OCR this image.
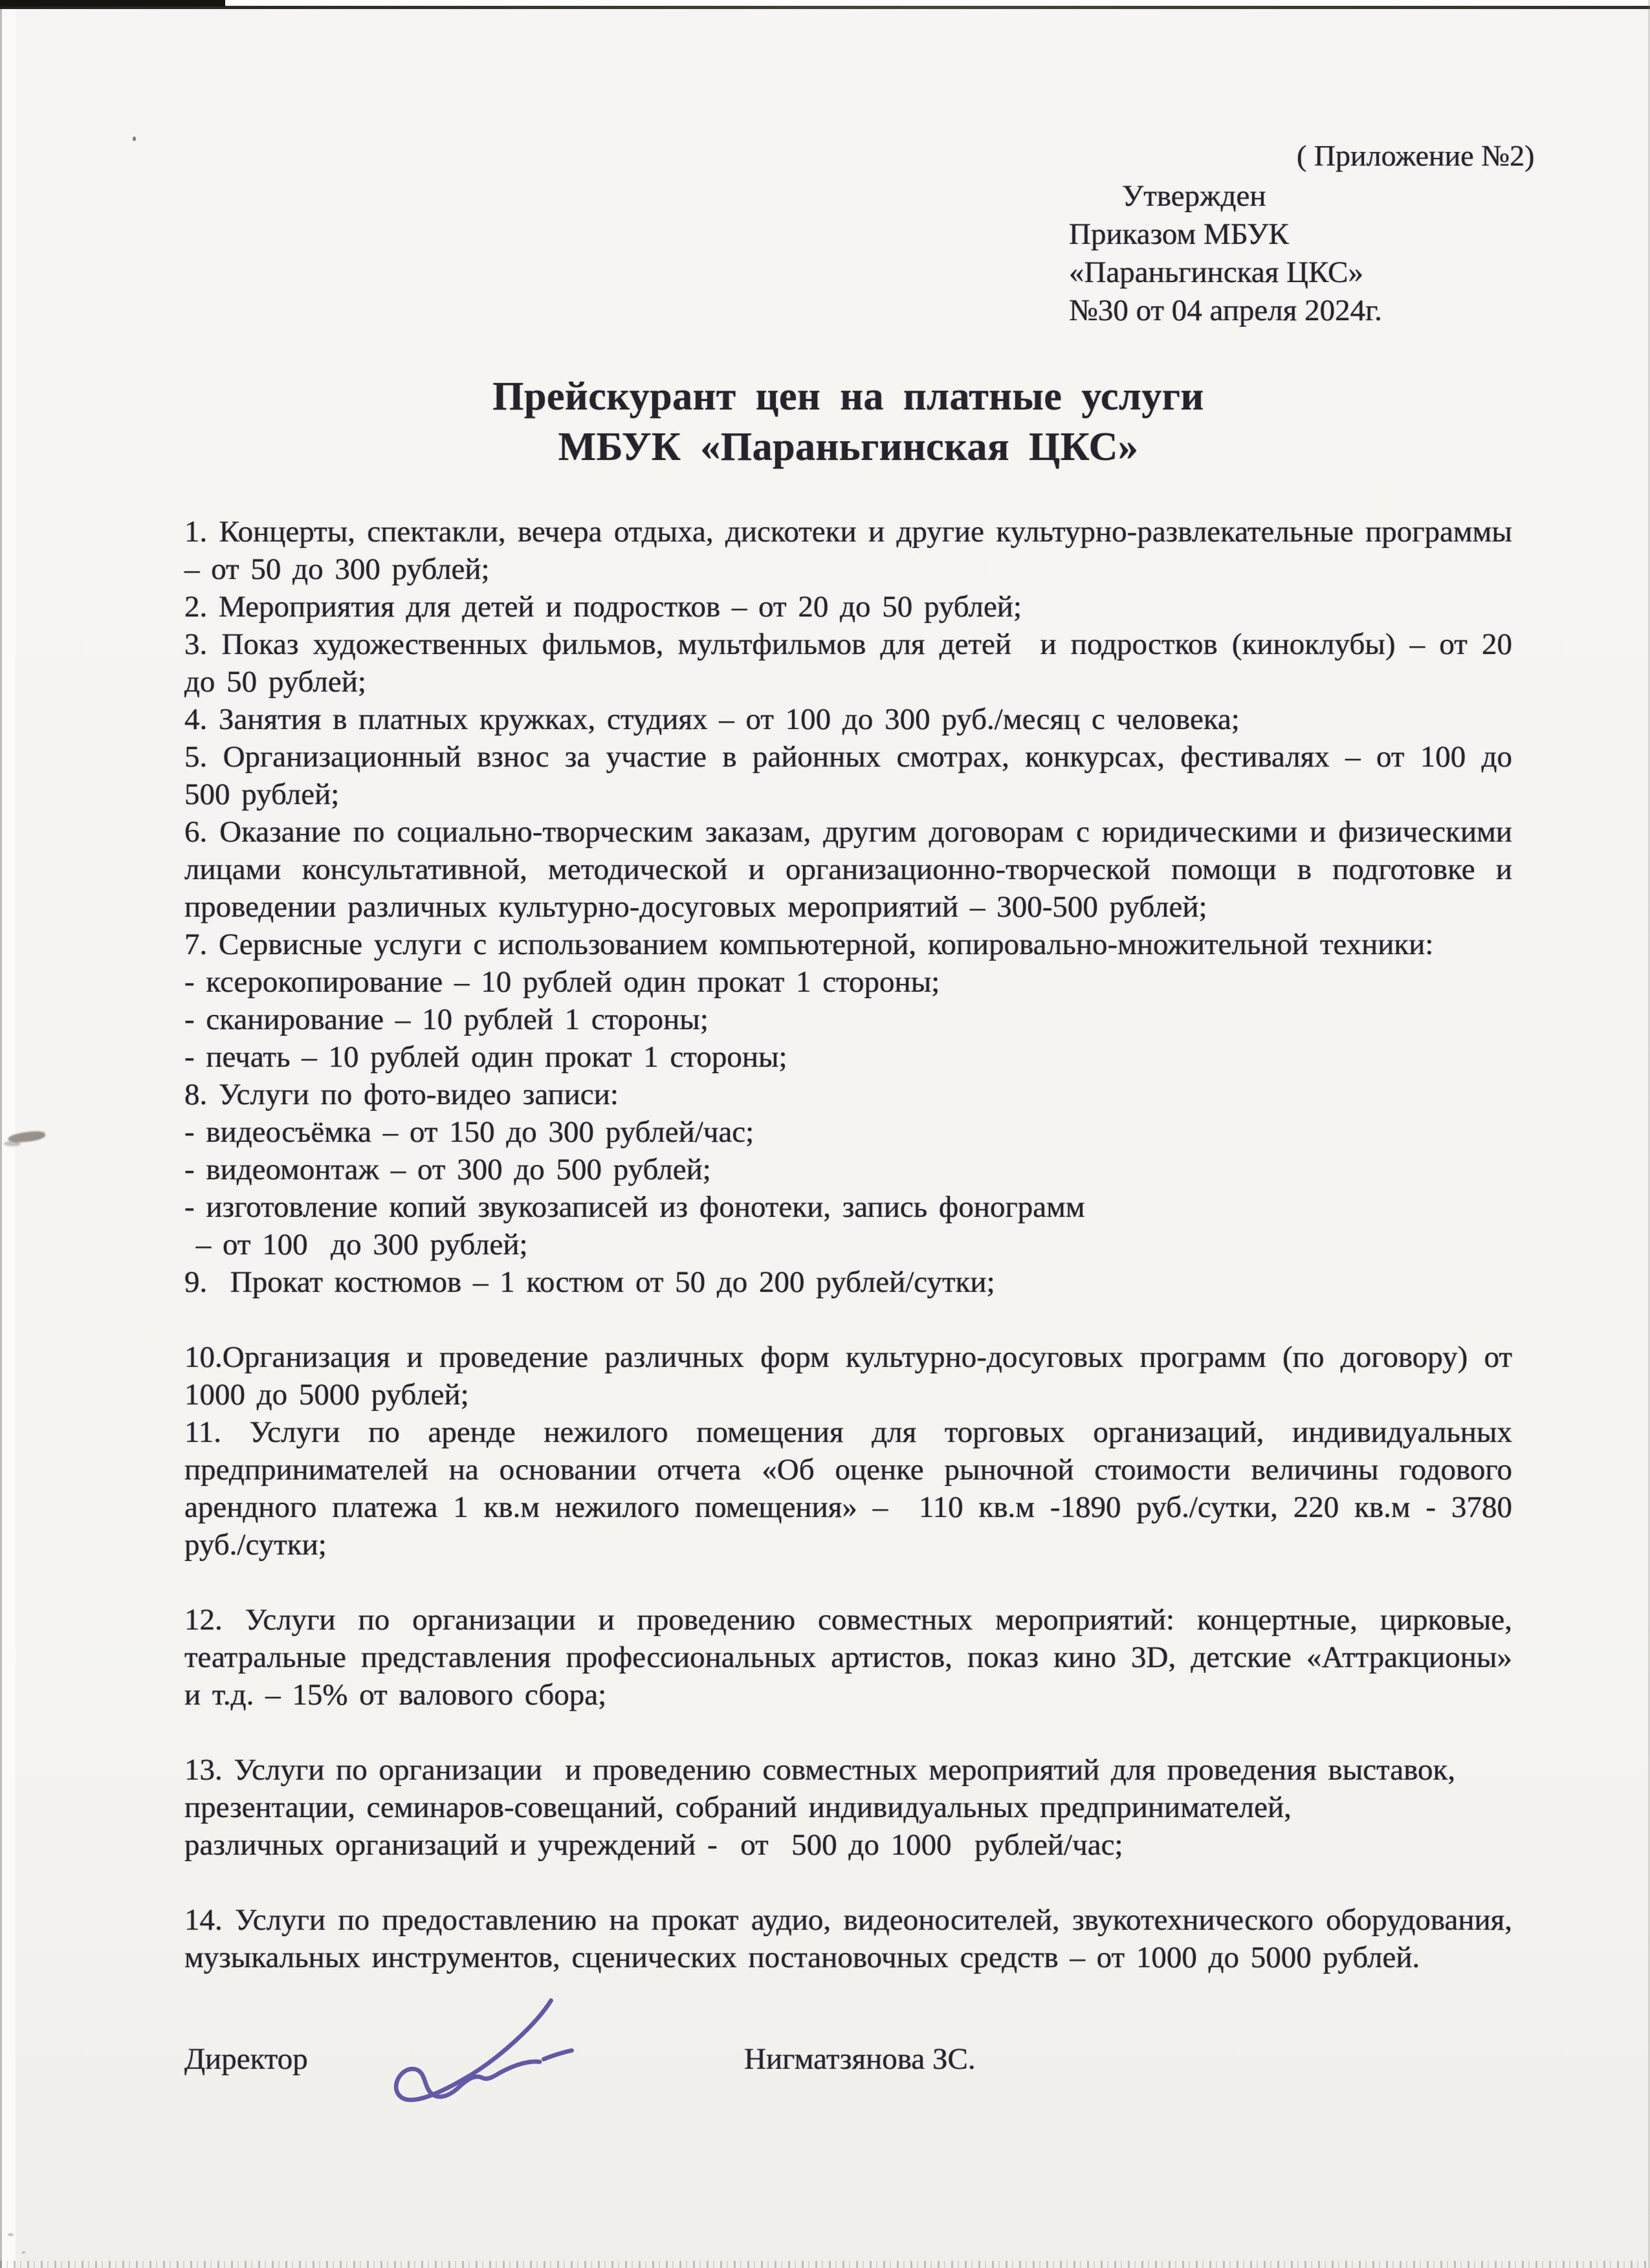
( Приложение №2)
Утвержден
Приказом МБУК
«Параньгинская ЦКС»
№30 от 04 апреля 2024г.
Прейскурант цен на платные услуги
МБУК «Параньгинская ЦКС»

1. Концерты, спектакли, вечера отдыха, дискотеки и другие культурно-развлекательные программы – от 50 до 300 рублей;

2. Мероприятия для детей и подростков – от 20 до 50 рублей;

3. Показ художественных фильмов, мультфильмов для детей  и подростков (киноклубы) – от 20 до 50 рублей;

4. Занятия в платных кружках, студиях – от 100 до 300 руб./месяц с человека;

5. Организационный взнос за участие в районных смотрах, конкурсах, фестивалях – от 100 до 500 рублей;

6. Оказание по социально-творческим заказам, другим договорам с юридическими и физическими лицами консультативной, методической и организационно-творческой помощи в подготовке и проведении различных культурно-досуговых мероприятий – 300-500 рублей;

7. Сервисные услуги с использованием компьютерной, копировально-множительной техники:

- ксерокопирование – 10 рублей один прокат 1 стороны;

- сканирование – 10 рублей 1 стороны;

- печать – 10 рублей один прокат 1 стороны;

8. Услуги по фото-видео записи:

- видеосъёмка – от 150 до 300 рублей/час;

- видеомонтаж – от 300 до 500 рублей;

- изготовление копий звукозаписей из фонотеки, запись фонограмм

– от 100  до 300 рублей;

9.  Прокат костюмов – 1 костюм от 50 до 200 рублей/сутки;

10.Организация и проведение различных форм культурно-досуговых программ (по договору) от 1000 до 5000 рублей;

11. Услуги по аренде нежилого помещения для торговых организаций, индивидуальных предпринимателей на основании отчета «Об оценке рыночной стоимости величины годового арендного платежа 1 кв.м нежилого помещения» –  110 кв.м -1890 руб./сутки, 220 кв.м - 3780 руб./сутки;

12. Услуги по организации и проведению совместных мероприятий: концертные, цирковые, театральные представления профессиональных артистов, показ кино 3D, детские «Аттракционы» и т.д. – 15% от валового сбора;

13. Услуги по организации  и проведению совместных мероприятий для проведения выставок,

презентации, семинаров-совещаний, собраний индивидуальных предпринимателей,

различных организаций и учреждений -  от  500 до 1000  рублей/час;

14. Услуги по предоставлению на прокат аудио, видеоносителей, звукотехнического оборудования, музыкальных инструментов, сценических постановочных средств – от 1000 до 5000 рублей.

Директор	Нигматзянова ЗС.
